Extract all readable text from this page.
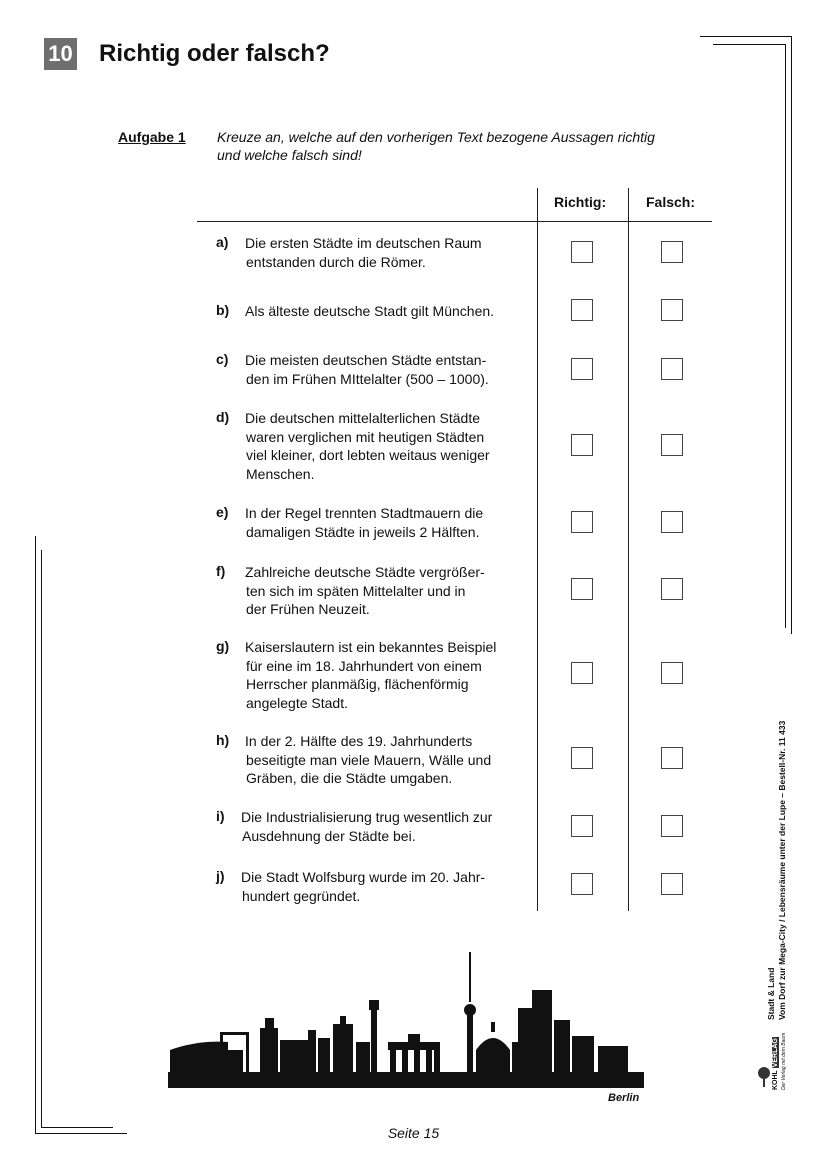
10 Richtig oder falsch?
Aufgabe 1 Kreuze an, welche auf den vorherigen Text bezogene Aussagen richtig
und welche falsch sind!
Richtig:	Falsch:
a) Die ersten Städte im deutschen Raum
entstanden durch die Römer.
b) Als älteste deutsche Stadt gilt München.
c) Die meisten deutschen Städte entstan-
den im Frühen MIttelalter (500 – 1000).
d) Die deutschen mittelalterlichen Städte
waren verglichen mit heutigen Städten
viel kleiner, dort lebten weitaus weniger
Menschen.
e) In der Regel trennten Stadtmauern die
damaligen Städte in jeweils 2 Hälften.
f) Zahlreiche deutsche Städte vergrößer-
ten sich im späten Mittelalter und in
der Frühen Neuzeit.
g) Kaiserslautern ist ein bekanntes Beispiel
für eine im 18. Jahrhundert von einem
Herrscher planmäßig, flächenförmig
angelegte Stadt.
h) In der 2. Hälfte des 19. Jahrhunderts
beseitigte man viele Mauern, Wälle und
Gräben, die die Städte umgaben.
i) Die Industrialisierung trug wesentlich zur
Ausdehnung der Städte bei.
j) Die Stadt Wolfsburg wurde im 20. Jahr-
hundert gegründet.
Berlin
Stadt & Land Vom Dorf zur Mega-City / Lebensräume unter der Lupe – Bestell-Nr. 11 433
KOHL VERLAG Der Verlag mit dem Baum
Seite 15
